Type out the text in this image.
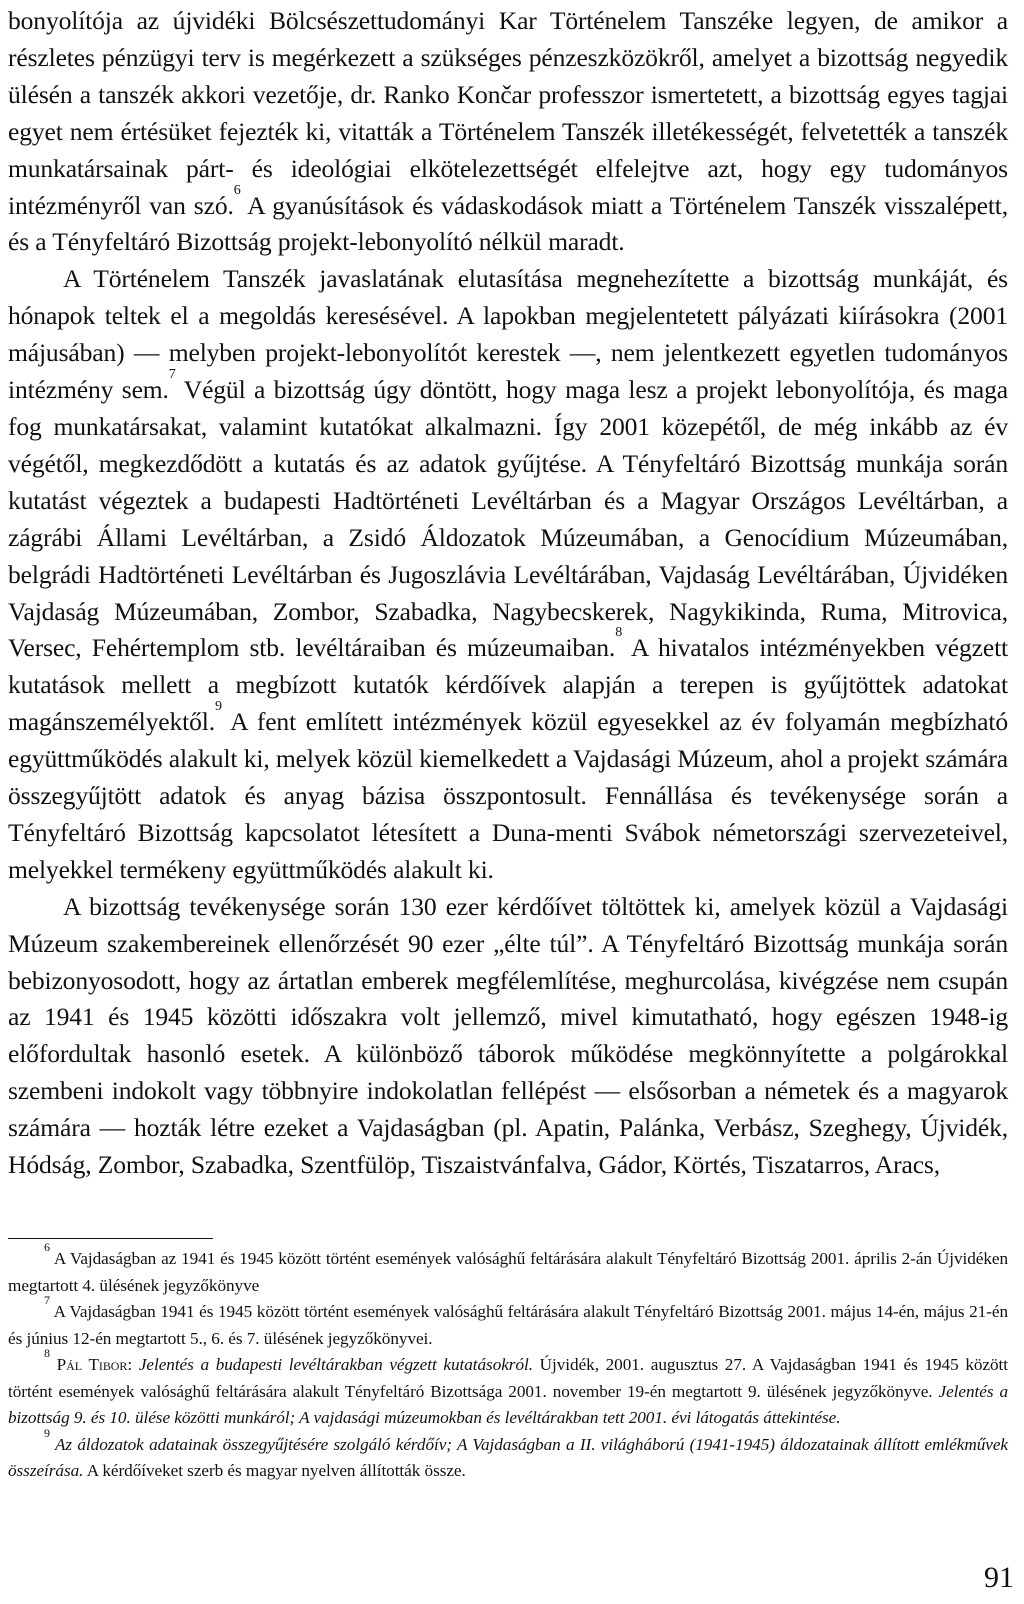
bonyolítója az újvidéki Bölcsészettudományi Kar Történelem Tanszéke legyen, de amikor a részletes pénzügyi terv is megérkezett a szükséges pénzeszközökről, amelyet a bizottság negyedik ülésén a tanszék akkori vezetője, dr. Ranko Končar professzor ismertetett, a bizottság egyes tagjai egyet nem értésüket fejezték ki, vitatták a Történelem Tanszék illetékességét, felvetették a tanszék munkatársainak párt- és ideológiai elkötelezettségét elfelejtve azt, hogy egy tudományos intézményről van szó.$^6$ A gyanúsítások és vádaskodások miatt a Történelem Tanszék visszalépett, és a Tényfeltáró Bizottság projekt-lebonyolító nélkül maradt.

A Történelem Tanszék javaslatának elutasítása megnehezítette a bizottság munkáját, és hónapok teltek el a megoldás keresésével. A lapokban megjelentetett pályázati kiírásokra (2001 májusában) — melyben projekt-lebonyolítót kerestek —, nem jelentkezett egyetlen tudományos intézmény sem.$^7$ Végül a bizottság úgy döntött, hogy maga lesz a projekt lebonyolítója, és maga fog munkatársakat, valamint kutatókat alkalmazni. Így 2001 közepétől, de még inkább az év végétől, megkezdődött a kutatás és az adatok gyűjtése. A Tényfeltáró Bizottság munkája során kutatást végeztek a budapesti Hadtörténeti Levéltárban és a Magyar Országos Levéltárban, a zágrábi Állami Levéltárban, a Zsidó Áldozatok Múzeumában, a Genocídium Múzeumában, belgrádi Hadtörténeti Levéltárban és Jugoszlávia Levéltárában, Vajdaság Levéltárában, Újvidéken Vajdaság Múzeumában, Zombor, Szabadka, Nagybecskerek, Nagykikinda, Ruma, Mitrovica, Versec, Fehértemplom stb. levéltáraiban és múzeumaiban.$^8$ A hivatalos intézményekben végzett kutatások mellett a megbízott kutatók kérdőívek alapján a terepen is gyűjtöttek adatokat magánszemélyektől.$^9$ A fent említett intézmények közül egyesekkel az év folyamán megbízható együttműködés alakult ki, melyek közül kiemelkedett a Vajdasági Múzeum, ahol a projekt számára összegyűjtött adatok és anyag bázisa összpontosult. Fennállása és tevékenysége során a Tényfeltáró Bizottság kapcsolatot létesített a Duna-menti Svábok németországi szervezeteivel, melyekkel termékeny együttműködés alakult ki.

A bizottság tevékenysége során 130 ezer kérdőívet töltöttek ki, amelyek közül a Vajdasági Múzeum szakembereinek ellenőrzését 90 ezer „élte túl”. A Tényfeltáró Bizottság munkája során bebizonyosodott, hogy az ártatlan emberek megfélemlítése, meghurcolása, kivégzése nem csupán az 1941 és 1945 közötti időszakra volt jellemző, mivel kimutatható, hogy egészen 1948-ig előfordultak hasonló esetek. A különböző táborok működése megkönnyítette a polgárokkal szembeni indokolt vagy többnyire indokolatlan fellépést — elsősorban a németek és a magyarok számára — hozták létre ezeket a Vajdaságban (pl. Apatin, Palánka, Verbász, Szeghegy, Újvidék, Hódság, Zombor, Szabadka, Szentfülöp, Tiszaistvánfalva, Gádor, Körtés, Tiszatarros, Aracs,

$^6$ A Vajdaságban az 1941 és 1945 között történt események valósághű feltárására alakult Tényfeltáró Bizottság 2001. április 2-án Újvidéken megtartott 4. ülésének jegyzőkönyve

$^7$ A Vajdaságban 1941 és 1945 között történt események valósághű feltárására alakult Tényfeltáró Bizottság 2001. május 14-én, május 21-én és június 12-én megtartott 5., 6. és 7. ülésének jegyzőkönyvei.

$^8$ Pál Tibor: Jelentés a budapesti levéltárakban végzett kutatásokról. Újvidék, 2001. augusztus 27. A Vajdaságban 1941 és 1945 között történt események valósághű feltárására alakult Tényfeltáró Bizottsága 2001. november 19-én megtartott 9. ülésének jegyzőkönyve. Jelentés a bizottság 9. és 10. ülése közötti munkáról; A vajdasági múzeumokban és levéltárakban tett 2001. évi látogatás áttekintése.

$^9$ Az áldozatok adatainak összegyűjtésére szolgáló kérdőív; A Vajdaságban a II. világháború (1941-1945) áldozatainak állított emlékművek összeírása. A kérdőíveket szerb és magyar nyelven állították össze.

91
